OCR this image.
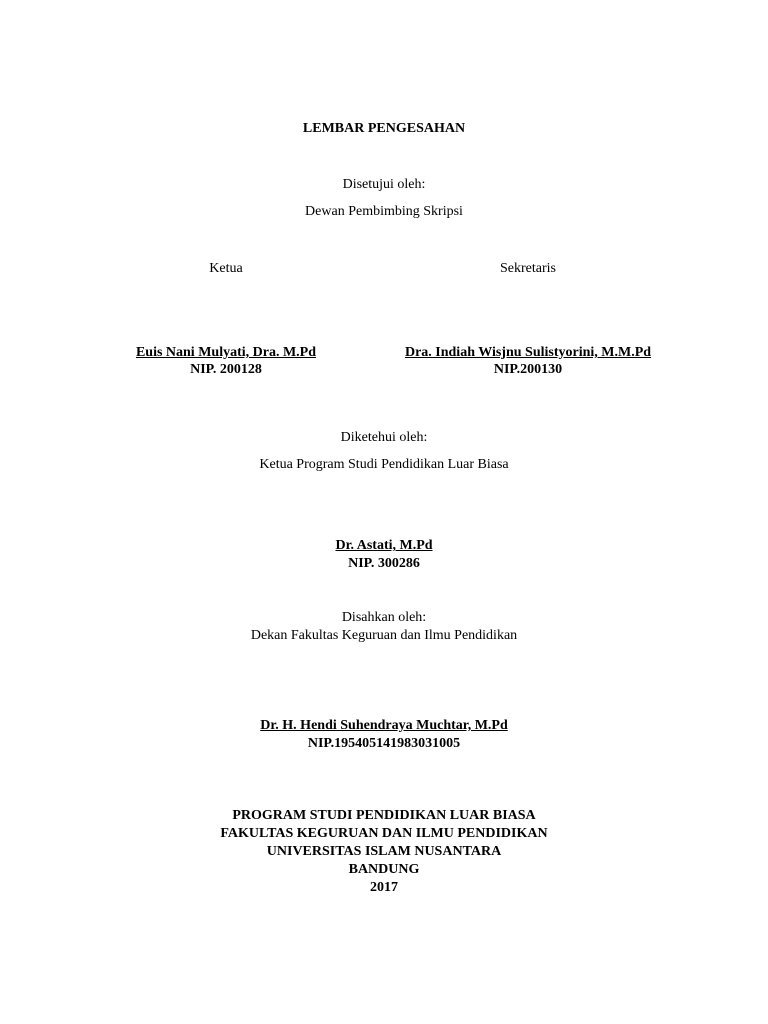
LEMBAR PENGESAHAN
Disetujui oleh:
Dewan Pembimbing Skripsi
Ketua	Sekretaris
Euis Nani Mulyati, Dra. M.Pd
NIP. 200128
Dra. Indiah Wisjnu Sulistyorini, M.M.Pd
NIP.200130
Diketehui oleh:
Ketua Program Studi Pendidikan Luar Biasa
Dr. Astati, M.Pd
NIP. 300286
Disahkan oleh:
Dekan Fakultas Keguruan dan Ilmu Pendidikan
Dr. H. Hendi Suhendraya Muchtar, M.Pd
NIP.195405141983031005
PROGRAM STUDI PENDIDIKAN LUAR BIASA
FAKULTAS KEGURUAN DAN ILMU PENDIDIKAN
UNIVERSITAS ISLAM NUSANTARA
BANDUNG
2017
